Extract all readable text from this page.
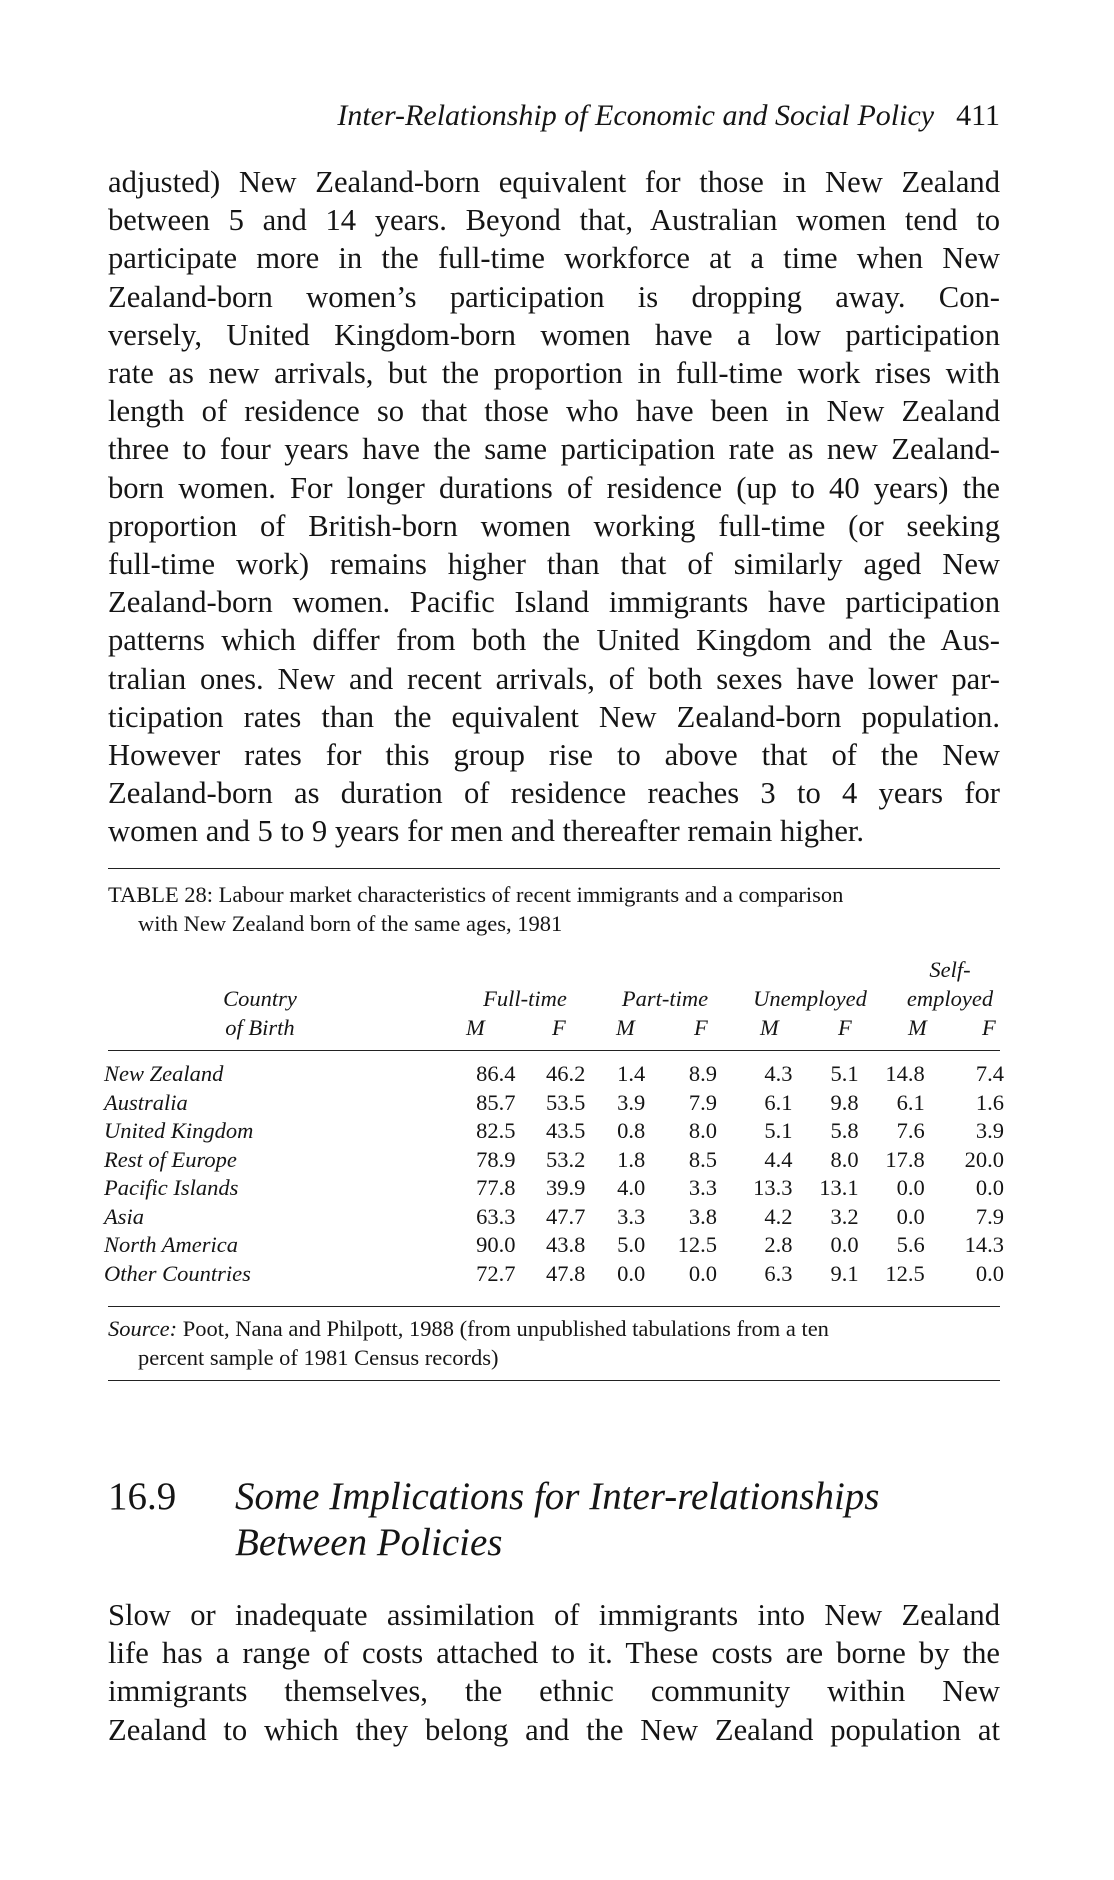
Inter-Relationship of Economic and Social Policy 411

adjusted) New Zealand-born equivalent for those in New Zealand

between 5 and 14 years. Beyond that, Australian women tend to

participate more in the full-time workforce at a time when New

Zealand-born women’s participation is dropping away. Con-

versely, United Kingdom-born women have a low participation

rate as new arrivals, but the proportion in full-time work rises with

length of residence so that those who have been in New Zealand

three to four years have the same participation rate as new Zealand-

born women. For longer durations of residence (up to 40 years) the

proportion of British-born women working full-time (or seeking

full-time work) remains higher than that of similarly aged New

Zealand-born women. Pacific Island immigrants have participation

patterns which differ from both the United Kingdom and the Aus-

tralian ones. New and recent arrivals, of both sexes have lower par-

ticipation rates than the equivalent New Zealand-born population.

However rates for this group rise to above that of the New

Zealand-born as duration of residence reaches 3 to 4 years for

women and 5 to 9 years for men and thereafter remain higher.

TABLE 28: Labour market characteristics of recent immigrants and a comparison
with New Zealand born of the same ages, 1981
Self-
Country	Full-time	Part-time	Unemployed	employed
of Birth	M	F M	F M	F	M F
New Zealand	86.4	46.2	1.4	8.9	4.3	5.1	14.8	7.4
Australia	85.7	53.5	3.9	7.9	6.1	9.8	6.1	1.6
United Kingdom	82.5	43.5	0.8	8.0	5.1	5.8	7.6	3.9
Rest of Europe	78.9	53.2	1.8	8.5	4.4	8.0	17.8	20.0
Pacific Islands	77.8	39.9	4.0	3.3	13.3	13.1	0.0	0.0
Asia	63.3	47.7	3.3	3.8	4.2	3.2	0.0	7.9
North America	90.0	43.8	5.0	12.5	2.8	0.0	5.6	14.3
Other Countries	72.7	47.8	0.0	0.0	6.3	9.1	12.5	0.0
Source: Poot, Nana and Philpott, 1988 (from unpublished tabulations from a ten
percent sample of 1981 Census records)
16.9 Some Implications for Inter-relationships
Between Policies

Slow or inadequate assimilation of immigrants into New Zealand

life has a range of costs attached to it. These costs are borne by the

immigrants themselves, the ethnic community within New

Zealand to which they belong and the New Zealand population at
